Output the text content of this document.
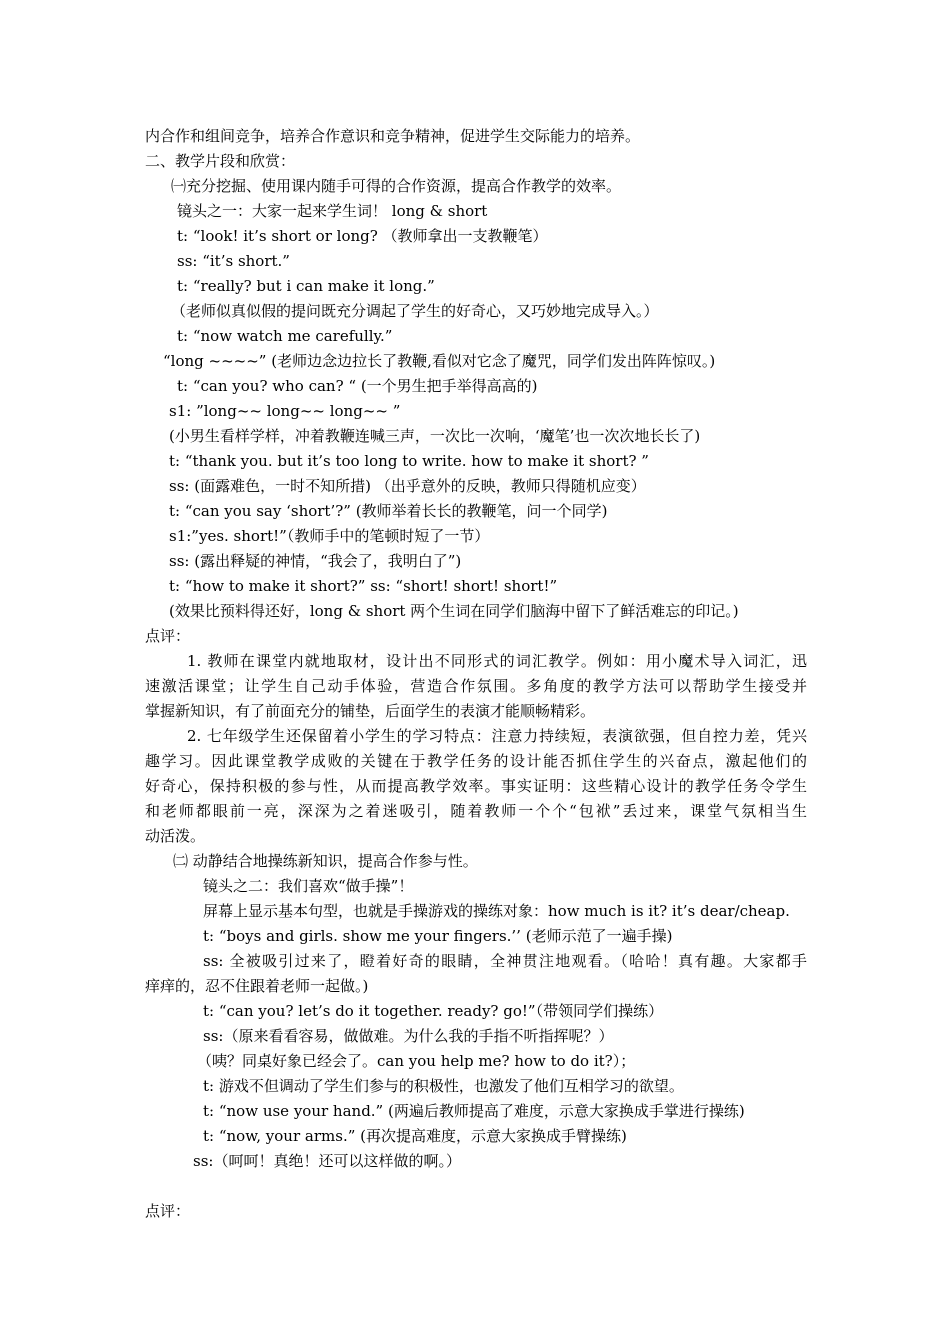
内合作和组间竞争，培养合作意识和竞争精神，促进学生交际能力的培养。
二、教学片段和欣赏：
㈠充分挖掘、使用课内随手可得的合作资源，提高合作教学的效率。
镜头之一：大家一起来学生词！ long & short
t: “look! it’s short or long? （教师拿出一支教鞭笔）
ss: “it’s short.”
t: “really? but i can make it long.”
（老师似真似假的提问既充分调起了学生的好奇心，又巧妙地完成导入。）
t: “now watch me carefully.”
“long ~~~~” (老师边念边拉长了教鞭,看似对它念了魔咒，同学们发出阵阵惊叹。)
t: “can you? who can? “ (一个男生把手举得高高的)
s1: ”long~~ long~~ long~~ ”
(小男生看样学样，冲着教鞭连喊三声，一次比一次响，‘魔笔’也一次次地长长了)
t: “thank you. but it’s too long to write. how to make it short? ”
ss: (面露难色，一时不知所措) （出乎意外的反映，教师只得随机应变）
t: “can you say ‘short’?” (教师举着长长的教鞭笔，问一个同学)
s1:”yes. short!”（教师手中的笔顿时短了一节）
ss: (露出释疑的神情，“我会了，我明白了”)
t: “how to make it short?” ss: “short! short! short!”
(效果比预料得还好，long & short 两个生词在同学们脑海中留下了鲜活难忘的印记。)
点评：
1. 教师在课堂内就地取材，设计出不同形式的词汇教学。例如：用小魔术导入词汇，迅
速激活课堂；让学生自己动手体验，营造合作氛围。多角度的教学方法可以帮助学生接受并
掌握新知识，有了前面充分的铺垫，后面学生的表演才能顺畅精彩。
2. 七年级学生还保留着小学生的学习特点：注意力持续短，表演欲强，但自控力差，凭兴
趣学习。因此课堂教学成败的关键在于教学任务的设计能否抓住学生的兴奋点，激起他们的
好奇心，保持积极的参与性，从而提高教学效率。事实证明：这些精心设计的教学任务令学生
和老师都眼前一亮，深深为之着迷吸引，随着教师一个个“包袱”丢过来，课堂气氛相当生
动活泼。
㈡ 动静结合地操练新知识，提高合作参与性。
镜头之二：我们喜欢“做手操”！
屏幕上显示基本句型，也就是手操游戏的操练对象：how much is it? it’s dear/cheap.
t: “boys and girls. show me your fingers.’’ (老师示范了一遍手操)
ss: 全被吸引过来了，瞪着好奇的眼睛，全神贯注地观看。（哈哈！真有趣。大家都手
痒痒的，忍不住跟着老师一起做。)
t: “can you? let’s do it together. ready? go!”（带领同学们操练）
ss:（原来看看容易，做做难。为什么我的手指不听指挥呢？）
（咦？同桌好象已经会了。can you help me? how to do it?）；
t: 游戏不但调动了学生们参与的积极性，也激发了他们互相学习的欲望。
t: “now use your hand.” (两遍后教师提高了难度，示意大家换成手掌进行操练)
t: “now, your arms.” (再次提高难度，示意大家换成手臂操练)
ss:（呵呵！真绝！还可以这样做的啊。）
点评：
